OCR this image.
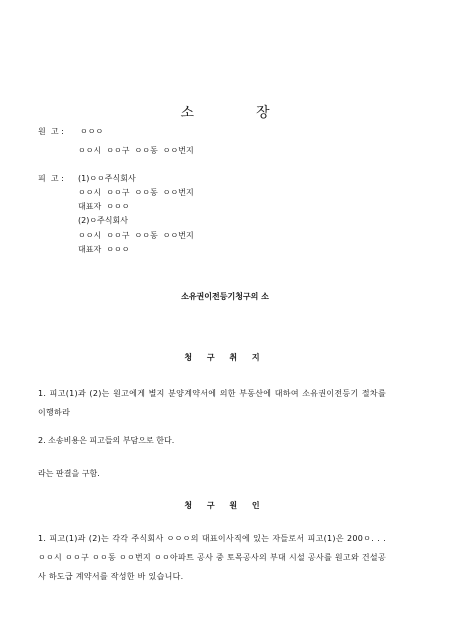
소	장
원  고 : ㅇㅇㅇ
ㅇㅇ시  ㅇㅇ구  ㅇㅇ동  ㅇㅇ번지
피  고 : (1)ㅇㅇ주식회사
ㅇㅇ시  ㅇㅇ구  ㅇㅇ동  ㅇㅇ번지
대표자  ㅇㅇㅇ
(2)ㅇ주식회사
ㅇㅇ시  ㅇㅇ구  ㅇㅇ동  ㅇㅇ번지
대표자  ㅇㅇㅇ
소유권이전등기청구의 소
청 구 취 지
1. 피고(1)과 (2)는 원고에게 별지 분양계약서에 의한 부동산에 대하여 소유권이전등기 절차를 이행하라
2. 소송비용은 피고들의 부담으로 한다.
라는 판결을 구함.
청 구 원 인
1. 피고(1)과 (2)는 각각 주식회사 ㅇㅇㅇ의 대표이사직에 있는 자들로서 피고(1)은 200ㅇ. . . ㅇㅇ시 ㅇㅇ구 ㅇㅇ동 ㅇㅇ번지 ㅇㅇ아파트 공사 중 토목공사의 부대 시설 공사를 원고와 건설공사 하도급 계약서를 작성한 바 있습니다.
